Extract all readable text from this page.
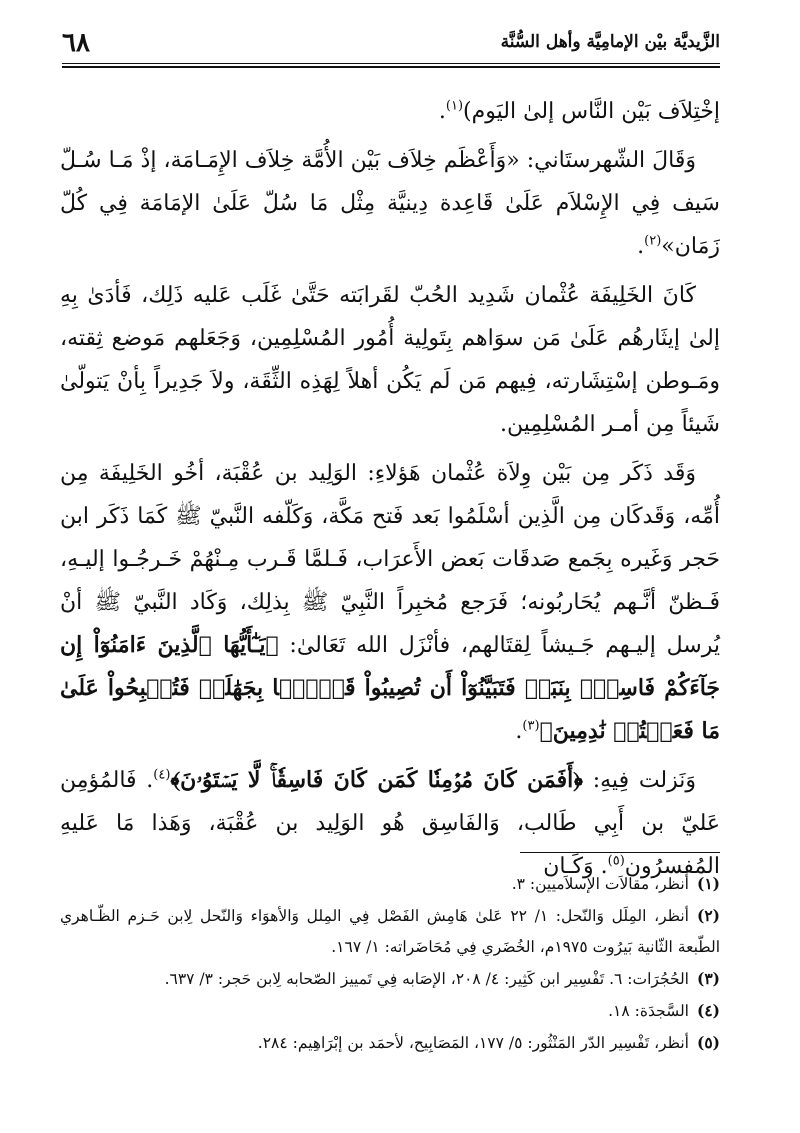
الزَّيديَّة بيْن الإمامِيَّة وأهل السُّنَّة
٦٨

إخْتِلاَف بَيْن النَّاس إلىٰ اليَوم)$^{(١)}$.

وَقَالَ الشّهرستَاني: «وَأَعْظَم خِلاَف بَيْن الأُمَّة خِلاَف الإِمَـامَة، إذْ مَـا سُـلّ سَيف فِي الإِسْلاَم عَلَىٰ قَاعِدة دِينيَّة مِثْل مَا سُلّ عَلَىٰ الإمَامَة فِي كُلّ زَمَان»$^{(٢)}$.

كَانَ الخَلِيفَة عُثْمان شَدِيد الحُبّ لقَرابَته حَتَّىٰ غَلَب عَليه ذَلِك، فَأدَىٰ بِهِ إلىٰ إيثَارهُم عَلَىٰ مَن سوَاهم بِتَولِية أُمُور المُسْلِمِين، وَجَعَلهم مَوضع ثِقته، ومَـوطن إسْتِشَارته، فِيهم مَن لَم يَكُن أهلاً لِهَذِه الثِّقَة، ولاَ جَدِيراً بِأنْ يَتولّىٰ شَيئاً مِن أمـر المُسْلِمِين.

وَقَد ذَكَر مِن بَيْن وِلاَة عُثْمان هَؤلاءِ: الوَلِيد بن عُقْبَة، أخُو الخَلِيفَة مِن أُمِّه، وَقَدكَان مِن الَّذِين أسْلَمُوا بَعد فَتح مَكَّة، وَكَلّفه النَّبيّ ﷺ كَمَا ذَكَر ابن حَجر وَغَيره بِجَمع صَدقَات بَعض الأَعرَاب، فَـلمَّا قَـرب مِـنْهُمْ خَـرجُـوا إليـهِ، فَـظنّ أنَّـهم يُحَاربُونه؛ فَرَجع مُخبِراً النَّبِيّ ﷺ بِذلِك، وَكَاد النَّبيّ ﷺ أنْ يُرسل إليـهم جَـيشاً لِقتَالهم، فأنْزَل الله تَعَالىٰ: ﴿يَـٰٓأَيُّهَا ٱلَّذِينَ ءَامَنُوٓاْ إِن جَآءَكُمْ فَاسِقُۢ بِنَبَإٖ فَتَبَيَّنُوٓاْ أَن تُصِيبُواْ قَوۡمَۢا بِجَهَٰلَةٖ فَتُصۡبِحُواْ عَلَىٰ مَا فَعَلۡتُمۡ نَٰدِمِينَ﴾$^{(٣)}$.

وَنَزلت فِيهِ: ﴿أَفَمَن كَانَ مُؤۡمِنٗا كَمَن كَانَ فَاسِقٗاۚ لَّا يَسۡتَوُۥنَ﴾$^{(٤)}$. فَالمُؤمِن عَليّ بن أَبِي طَالب، وَالفَاسِق هُو الوَلِيد بن عُقْبَة، وَهَذا مَا عَليهِ المُفسرُون$^{(٥)}$. وَكَـان

(١)أنظر، مقالاَت الإسلاَميين: ٣.

(٢)أنظر، المِلَل وَالنّحل: ١/ ٢٢ عَلىٰ هَامِش الفَصْل فِي المِلل وَالأهوَاء وَالنّحل لِابن حَـزم الظّـاهري الطّبعة الثّانية بَيرُوت ١٩٧٥م، الخُضَري فِي مُحَاضَراته: ١/ ١٦٧.

(٣)الحُجُرَات: ٦. تَفْسِير ابن كَثِير: ٤/ ٢٠٨، الإصَابه فِي تَمييز الصّحابه لِابن حَجر: ٣/ ٦٣٧.

(٤)السَّجدَة: ١٨.

(٥)أنظر، تَفْسِير الدّر المَنْثُور: ٥/ ١٧٧، المَصَابِيح، لأحمَد بن إبْرَاهِيم: ٢٨٤.
